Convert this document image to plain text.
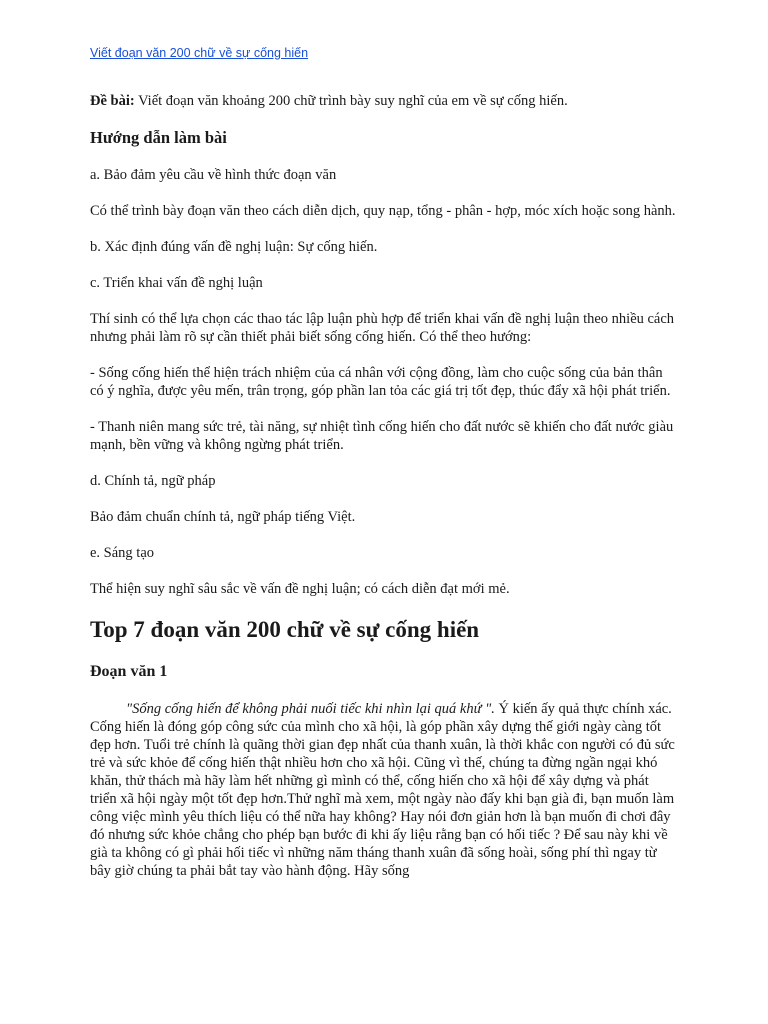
Viết đoạn văn 200 chữ về sự cống hiến

Đề bài: Viết đoạn văn khoảng 200 chữ trình bày suy nghĩ của em về sự cống hiến.

Hướng dẫn làm bài

a. Bảo đảm yêu cầu về hình thức đoạn văn

Có thể trình bày đoạn văn theo cách diễn dịch, quy nạp, tổng - phân - hợp, móc xích hoặc song hành.

b. Xác định đúng vấn đề nghị luận: Sự cống hiến.

c. Triển khai vấn đề nghị luận

Thí sinh có thể lựa chọn các thao tác lập luận phù hợp để triển khai vấn đề nghị luận theo nhiều cách nhưng phải làm rõ sự cần thiết phải biết sống cống hiến. Có thể theo hướng:

- Sống cống hiến thể hiện trách nhiệm của cá nhân với cộng đồng, làm cho cuộc sống của bản thân có ý nghĩa, được yêu mến, trân trọng, góp phần lan tỏa các giá trị tốt đẹp, thúc đẩy xã hội phát triển.

- Thanh niên mang sức trẻ, tài năng, sự nhiệt tình cống hiến cho đất nước sẽ khiến cho đất nước giàu mạnh, bền vững và không ngừng phát triển.

d. Chính tả, ngữ pháp

Bảo đảm chuẩn chính tả, ngữ pháp tiếng Việt.

e. Sáng tạo

Thể hiện suy nghĩ sâu sắc về vấn đề nghị luận; có cách diễn đạt mới mẻ.

Top 7 đoạn văn 200 chữ về sự cống hiến
Đoạn văn 1

"Sống cống hiến để không phải nuối tiếc khi nhìn lại quá khứ ". Ý kiến ấy quả thực chính xác. Cống hiến là đóng góp công sức của mình cho xã hội, là góp phần xây dựng thế giới ngày càng tốt đẹp hơn. Tuổi trẻ chính là quãng thời gian đẹp nhất của thanh xuân, là thời khắc con người có đủ sức trẻ và sức khỏe để cống hiến thật nhiều hơn cho xã hội. Cũng vì thế, chúng ta đừng ngần ngại khó khăn, thử thách mà hãy làm hết những gì mình có thể, cống hiến cho xã hội để xây dựng và phát triển xã hội ngày một tốt đẹp hơn.Thử nghĩ mà xem, một ngày nào đấy khi bạn già đi, bạn muốn làm công việc mình yêu thích liệu có thể nữa hay không? Hay nói đơn giản hơn là bạn muốn đi chơi đây đó nhưng sức khỏe chẳng cho phép bạn bước đi khi ấy liệu rằng bạn có hối tiếc ? Để sau này khi về già ta không có gì phải hối tiếc vì những năm tháng thanh xuân đã sống hoài, sống phí thì ngay từ bây giờ chúng ta phải bắt tay vào hành động. Hãy sống
